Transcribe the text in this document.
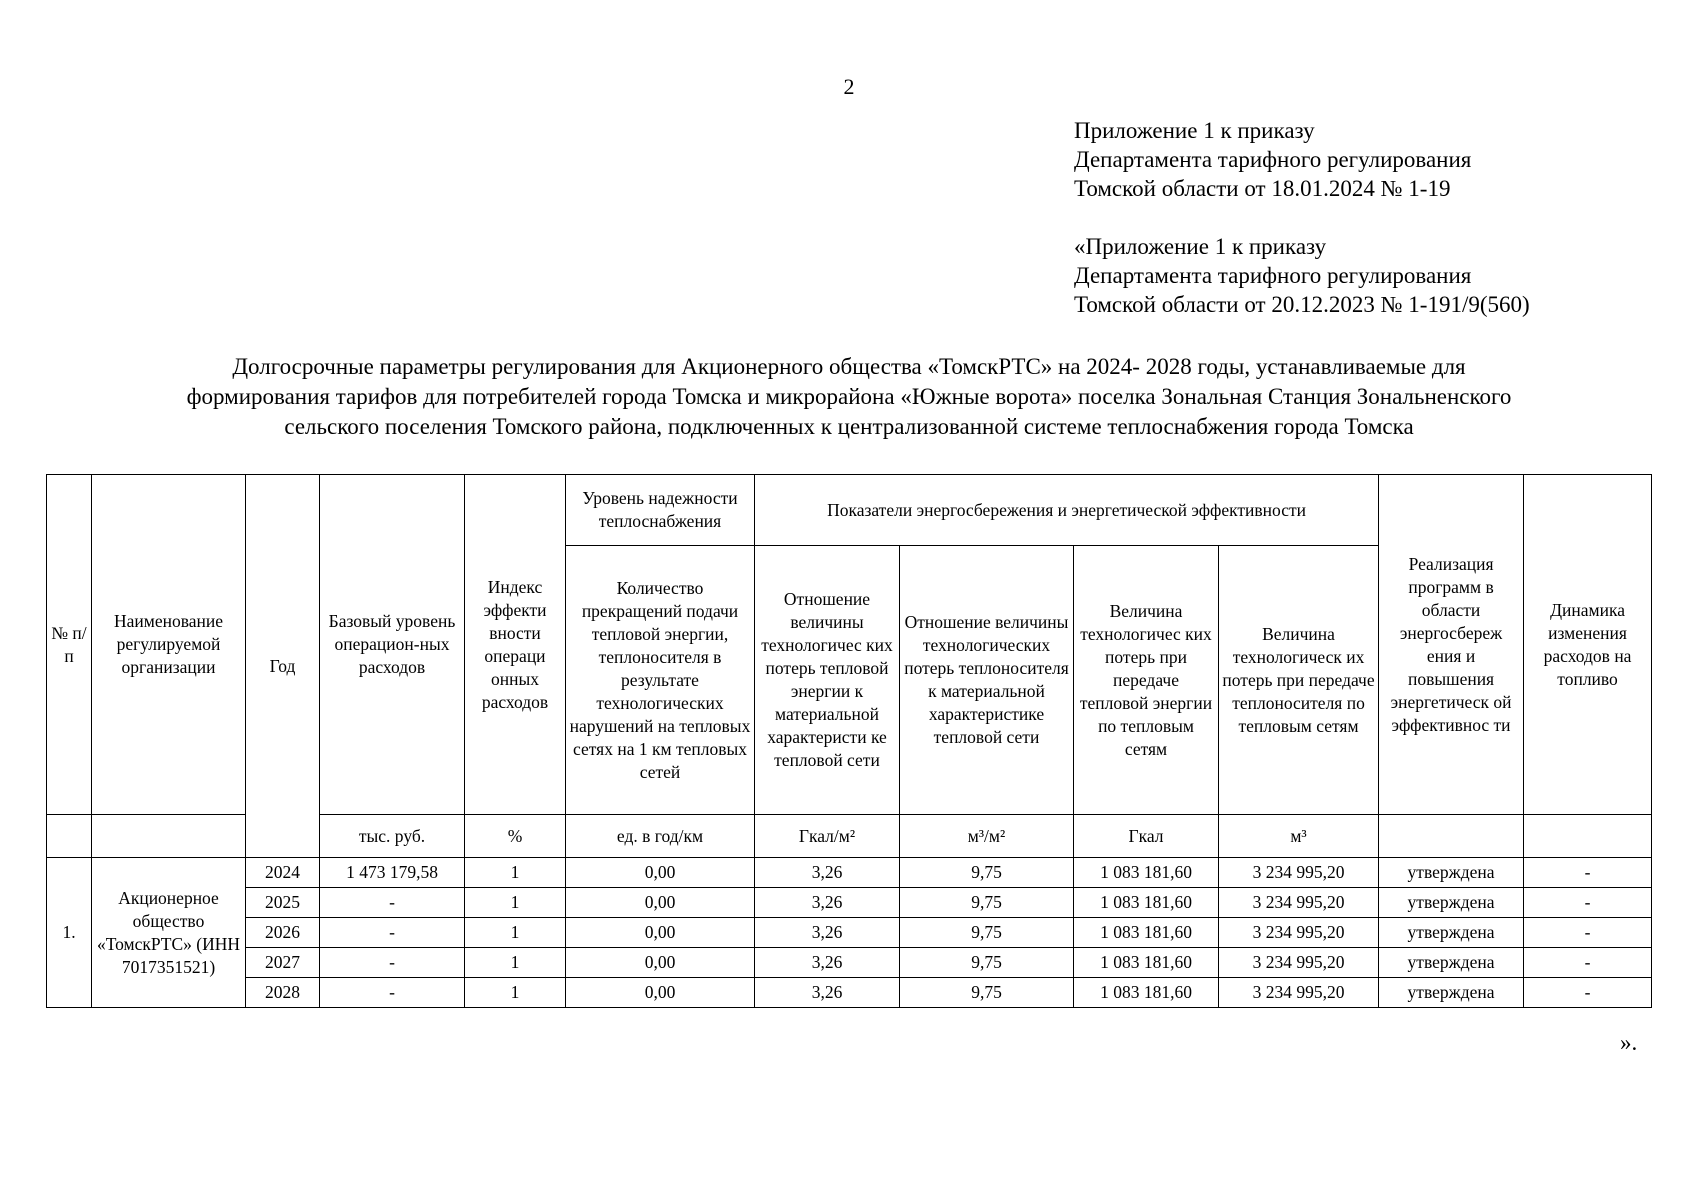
2
Приложение 1 к приказу
Департамента тарифного регулирования
Томской области от 18.01.2024 № 1-19
«Приложение 1 к приказу
Департамента тарифного регулирования
Томской области от 20.12.2023 № 1-191/9(560)
Долгосрочные параметры регулирования для Акционерного общества «ТомскРТС» на 2024- 2028 годы, устанавливаемые для
формирования тарифов для потребителей города Томска и микрорайона «Южные ворота» поселка Зональная Станция Зональненского
сельского поселения Томского района, подключенных к централизованной системе теплоснабжения города Томска
№ п/п	Наименование регулируемой организации	Год	Базовый уровень операцион-ных расходов	Индекс эффекти вности операци онных расходов	Уровень надежности теплоснабжения	Показатели энергосбережения и энергетической эффективности				Реализация программ в области энергосбереж ения и повышения энергетическ ой эффективнос ти	Динамика изменения расходов на топливо
					Количество прекращений подачи тепловой энергии, теплоносителя в результате технологических нарушений на тепловых сетях на 1 км тепловых сетей	Отношение величины технологичес ких потерь тепловой энергии к материальной характеристи ке тепловой сети	Отношение величины технологических потерь теплоносителя к материальной характеристике тепловой сети	Величина технологичес ких потерь при передаче тепловой энергии по тепловым сетям	Величина технологическ их потерь при передаче теплоносителя по тепловым сетям		
			тыс. руб.	%	ед. в год/км	Гкал/м²	м³/м²	Гкал	м³		
1.	Акционерное общество «ТомскРТС» (ИНН 7017351521)	2024	1 473 179,58	1	0,00	3,26	9,75	1 083 181,60	3 234 995,20	утверждена	-
		2025	-	1	0,00	3,26	9,75	1 083 181,60	3 234 995,20	утверждена	-
		2026	-	1	0,00	3,26	9,75	1 083 181,60	3 234 995,20	утверждена	-
		2027	-	1	0,00	3,26	9,75	1 083 181,60	3 234 995,20	утверждена	-
		2028	-	1	0,00	3,26	9,75	1 083 181,60	3 234 995,20	утверждена	-
».
